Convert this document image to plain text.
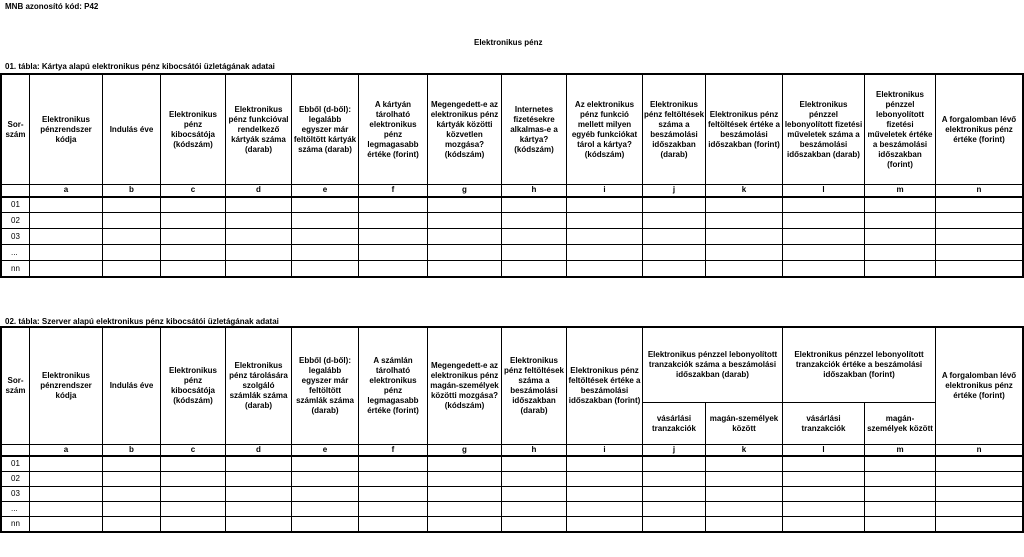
MNB azonosító kód: P42
Elektronikus pénz
01. tábla: Kártya alapú elektronikus pénz kibocsátói üzletágának adatai
Sor-
szám	Elektronikus pénzrendszer kódja	Indulás éve	Elektronikus pénz kibocsátója (kódszám)	Elektronikus pénz funkcióval rendelkező kártyák száma (darab)	Ebből (d-ből): legalább egyszer már feltöltött kártyák száma (darab)	A kártyán tárolható elektronikus pénz legmagasabb értéke (forint)	Megengedett-e az elektronikus pénz kártyák közötti közvetlen mozgása? (kódszám)	Internetes fizetésekre alkalmas-e a kártya? (kódszám)	Az elektronikus pénz funkció mellett milyen egyéb funkciókat tárol a kártya? (kódszám)	Elektronikus pénz feltöltések száma a beszámolási időszakban (darab)	Elektronikus pénz feltöltések értéke a beszámolási időszakban (forint)	Elektronikus pénzzel lebonyolított fizetési műveletek száma a beszámolási időszakban (darab)	Elektronikus pénzzel lebonyolított fizetési műveletek értéke a beszámolási időszakban (forint)	A forgalomban lévő elektronikus pénz értéke (forint)
	a	b	c	d	e	f	g	h	i	j	k	l	m	n
01														
02														
03														
...														
nn														
02. tábla: Szerver alapú elektronikus pénz kibocsátói üzletágának adatai
Sor-
szám	Elektronikus pénzrendszer kódja	Indulás éve	Elektronikus pénz kibocsátója (kódszám)	Elektronikus pénz tárolására szolgáló számlák száma (darab)	Ebből (d-ből): legalább egyszer már feltöltött számlák száma (darab)	A számlán tárolható elektronikus pénz legmagasabb értéke (forint)	Megengedett-e az elektronikus pénz magán-személyek közötti mozgása? (kódszám)	Elektronikus pénz feltöltések száma a beszámolási időszakban (darab)	Elektronikus pénz feltöltések értéke a beszámolási időszakban (forint)	Elektronikus pénzzel lebonyolított tranzakciók száma a beszámolási időszakban (darab)		Elektronikus pénzzel lebonyolított tranzakciók értéke a beszámolási időszakban (forint)		A forgalomban lévő elektronikus pénz értéke (forint)
										vásárlási tranzakciók	magán-személyek között	vásárlási tranzakciók	magán-személyek között	
	a	b	c	d	e	f	g	h	i	j	k	l	m	n
01														
02														
03														
...														
nn														
